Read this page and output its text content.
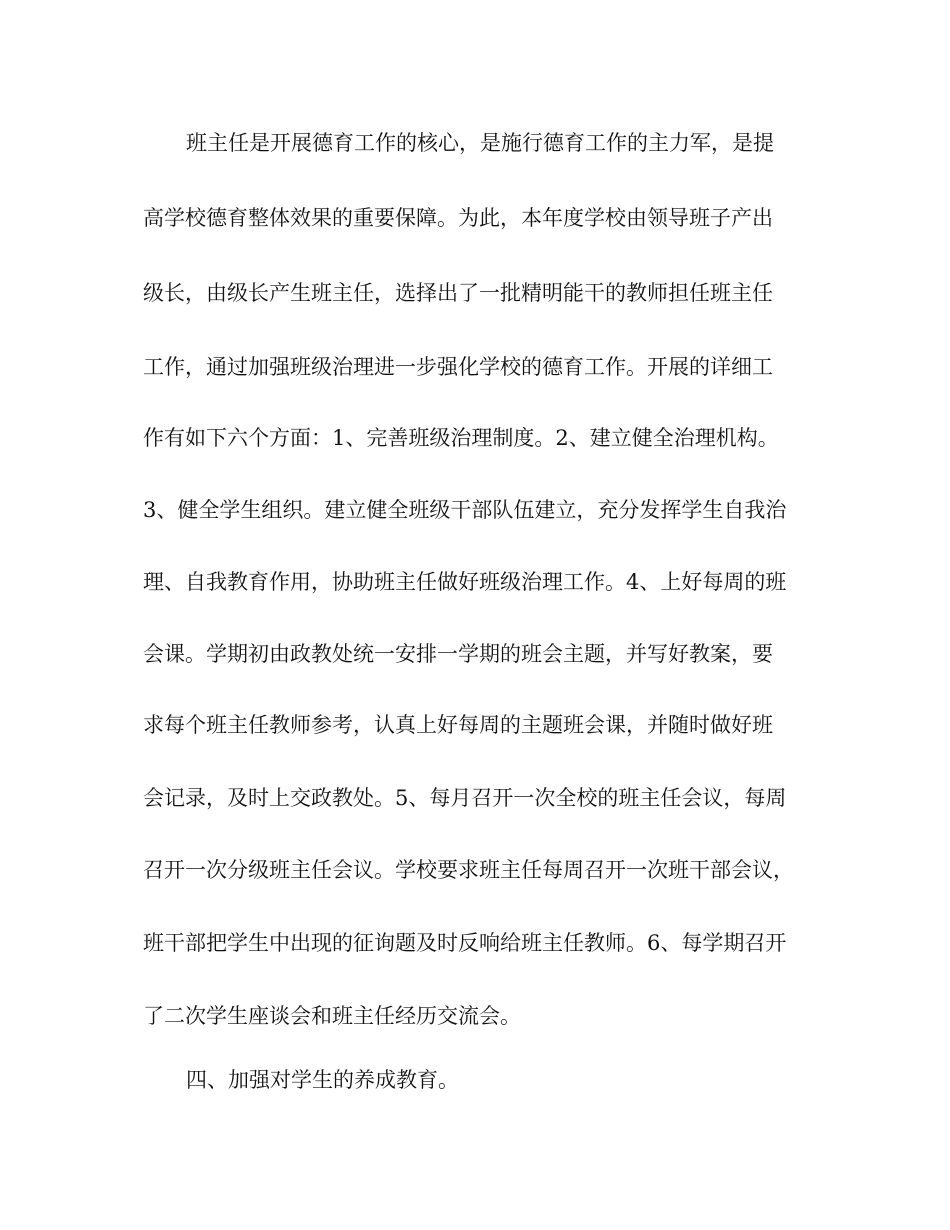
班主任是开展德育工作的核心，是施行德育工作的主力军，是提
高学校德育整体效果的重要保障。为此，本年度学校由领导班子产出
级长，由级长产生班主任，选择出了一批精明能干的教师担任班主任
工作，通过加强班级治理进一步强化学校的德育工作。开展的详细工
作有如下六个方面：1、完善班级治理制度。2、建立健全治理机构。
3、健全学生组织。建立健全班级干部队伍建立，充分发挥学生自我治
理、自我教育作用，协助班主任做好班级治理工作。4、上好每周的班
会课。学期初由政教处统一安排一学期的班会主题，并写好教案，要
求每个班主任教师参考，认真上好每周的主题班会课，并随时做好班
会记录，及时上交政教处。5、每月召开一次全校的班主任会议，每周
召开一次分级班主任会议。学校要求班主任每周召开一次班干部会议，
班干部把学生中出现的征询题及时反响给班主任教师。6、每学期召开
了二次学生座谈会和班主任经历交流会。
四、加强对学生的养成教育。
